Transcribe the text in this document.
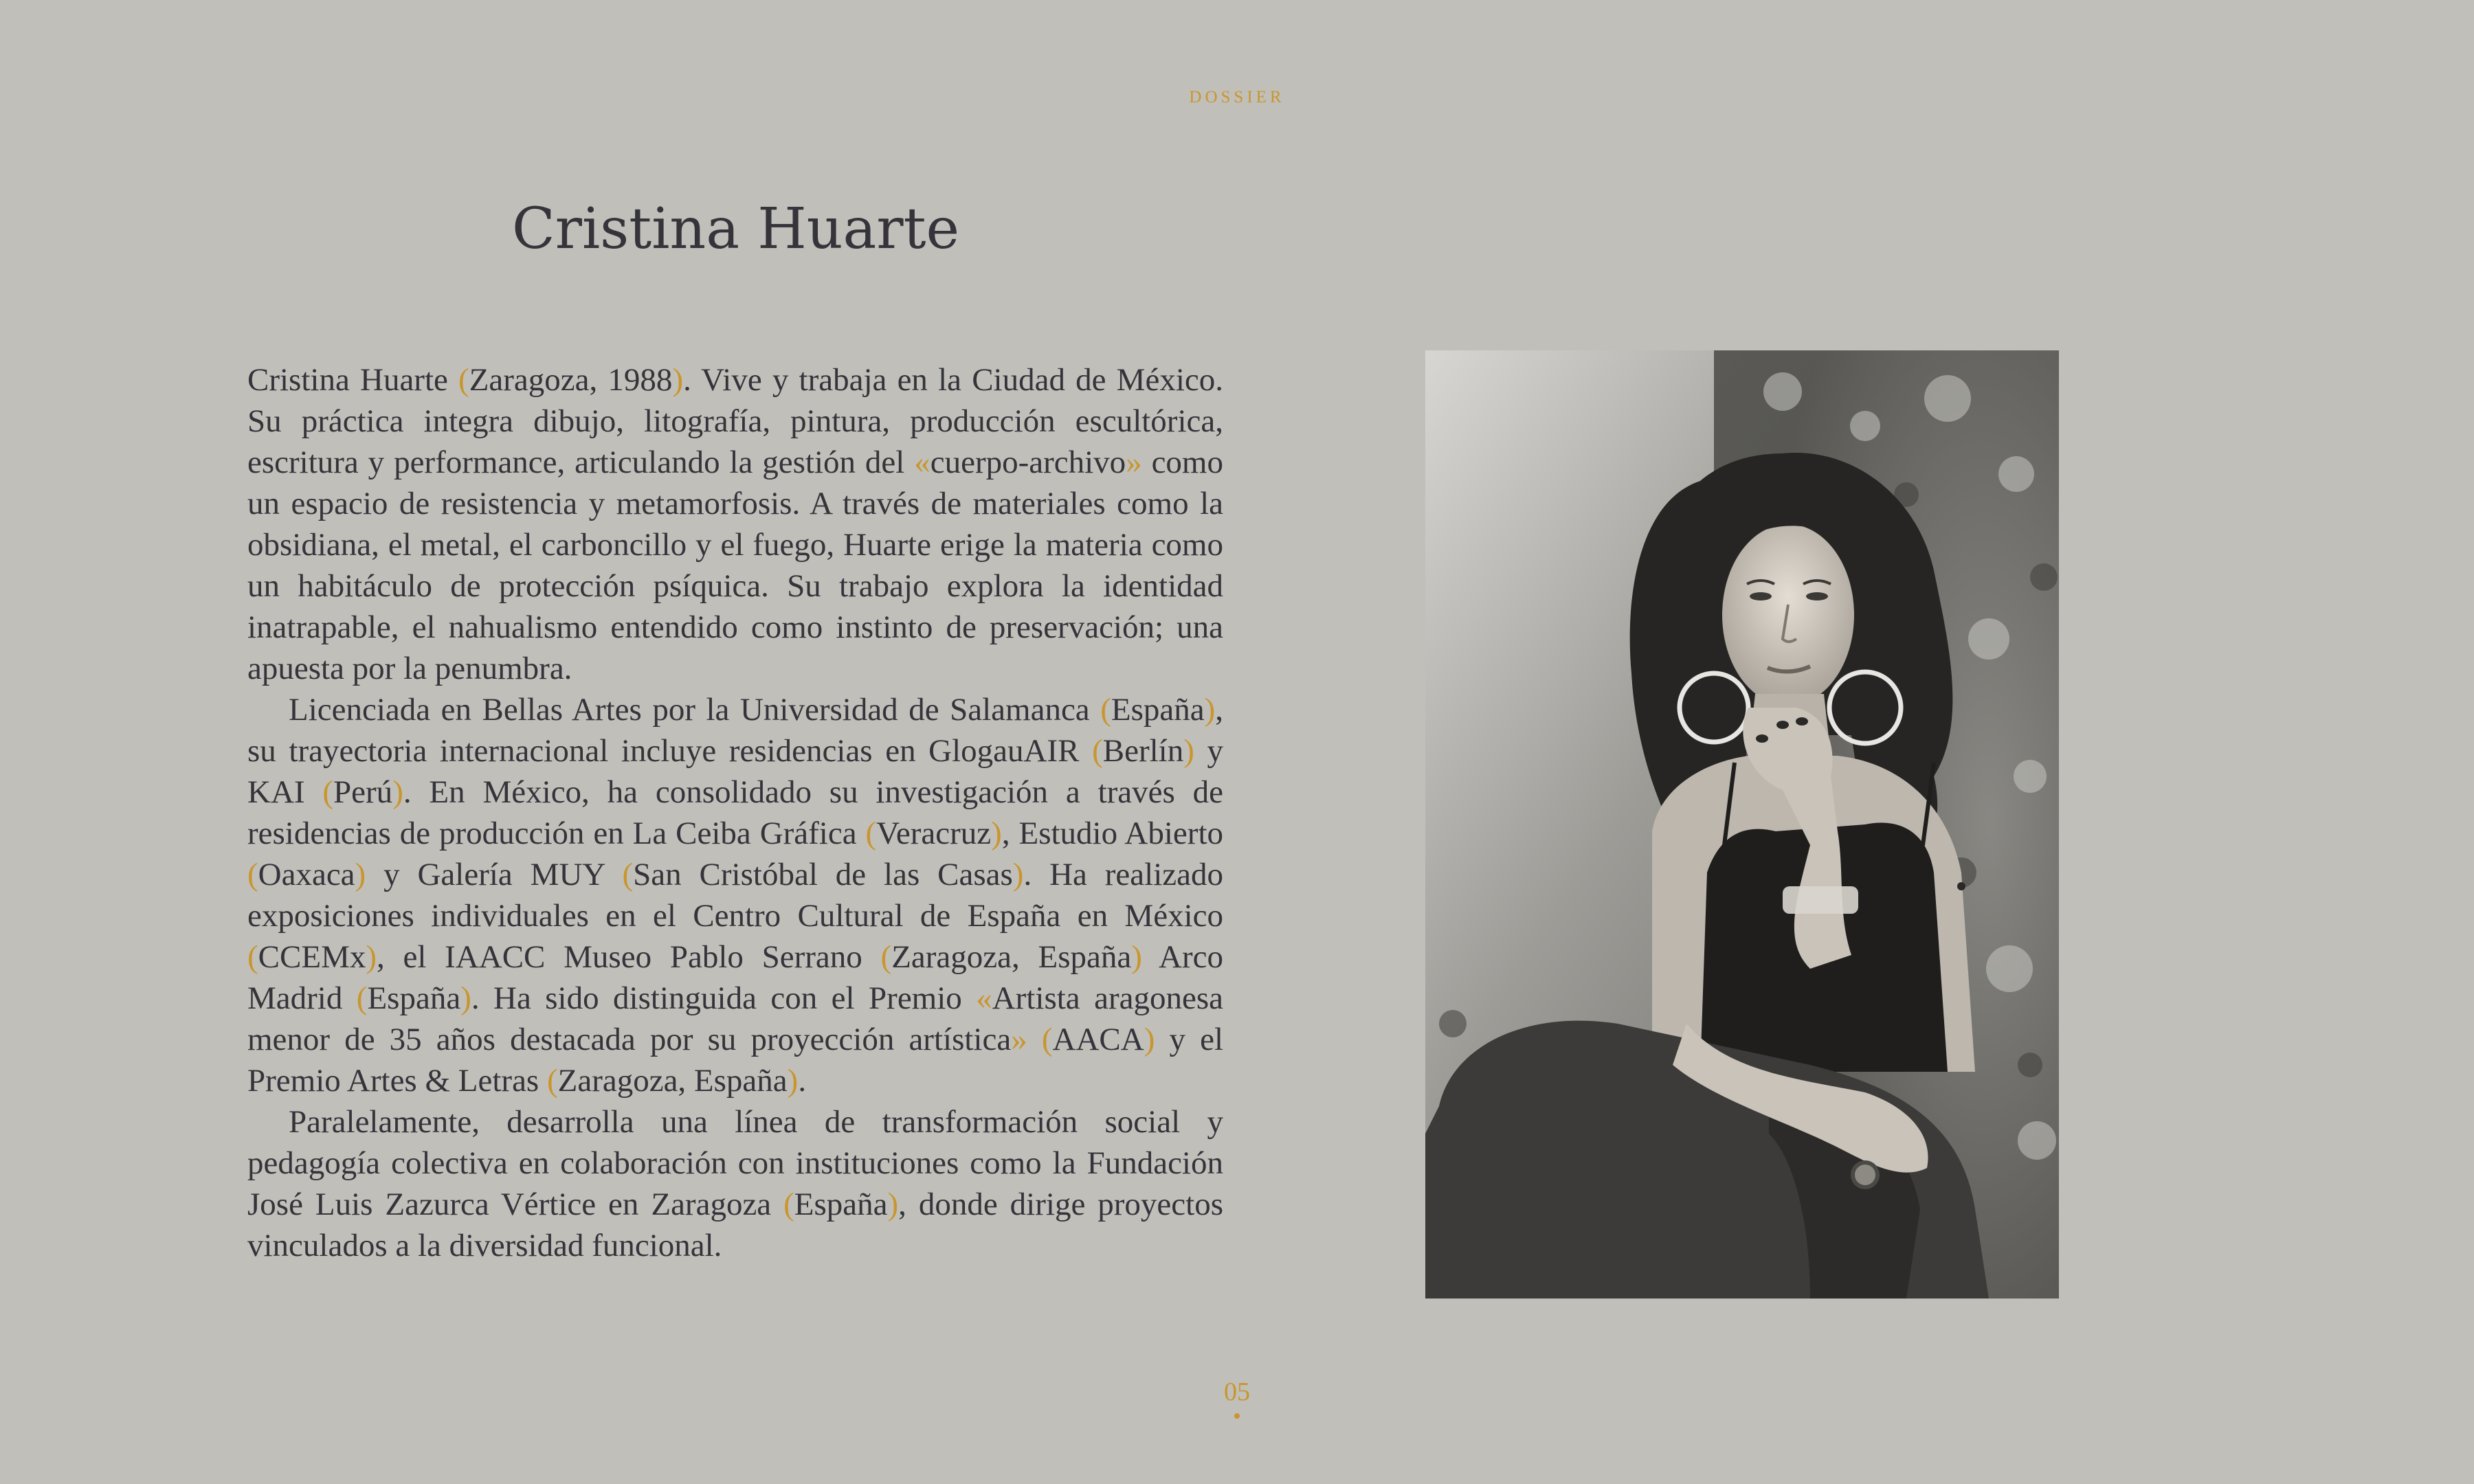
DOSSIER
Cristina Huarte

Cristina Huarte (Zaragoza, 1988). Vive y trabaja en la Ciudad de México. Su práctica integra dibujo, litografía, pintura, producción escultórica, escritura y performance, articulando la gestión del «cuerpo-archivo» como un espacio de resistencia y metamorfosis. A través de materiales como la obsidiana, el metal, el carboncillo y el fuego, Huarte erige la materia como un habitáculo de protección psíquica. Su trabajo explora la identidad inatrapable, el nahualismo entendido como instinto de preservación; una apuesta por la penumbra.

Licenciada en Bellas Artes por la Universidad de Salamanca (España), su trayectoria internacional incluye residencias en GlogauAIR (Berlín) y KAI (Perú). En México, ha consolidado su investigación a través de residencias de producción en La Ceiba Gráfica (Veracruz), Estudio Abierto (Oaxaca) y Galería MUY (San Cristóbal de las Casas). Ha realizado exposiciones individuales en el Centro Cultural de España en México (CCEMx), el IAACC Museo Pablo Serrano (Zaragoza, España) Arco Madrid (España). Ha sido distinguida con el Premio «Artista aragonesa menor de 35 años destacada por su proyección artística» (AACA) y el Premio Artes & Letras (Zaragoza, España).

Paralelamente, desarrolla una línea de transformación social y pedagogía colectiva en colaboración con instituciones como la Fundación José Luis Zazurca Vértice en Zaragoza (España), donde dirige proyectos vinculados a la diversidad funcional.

05
